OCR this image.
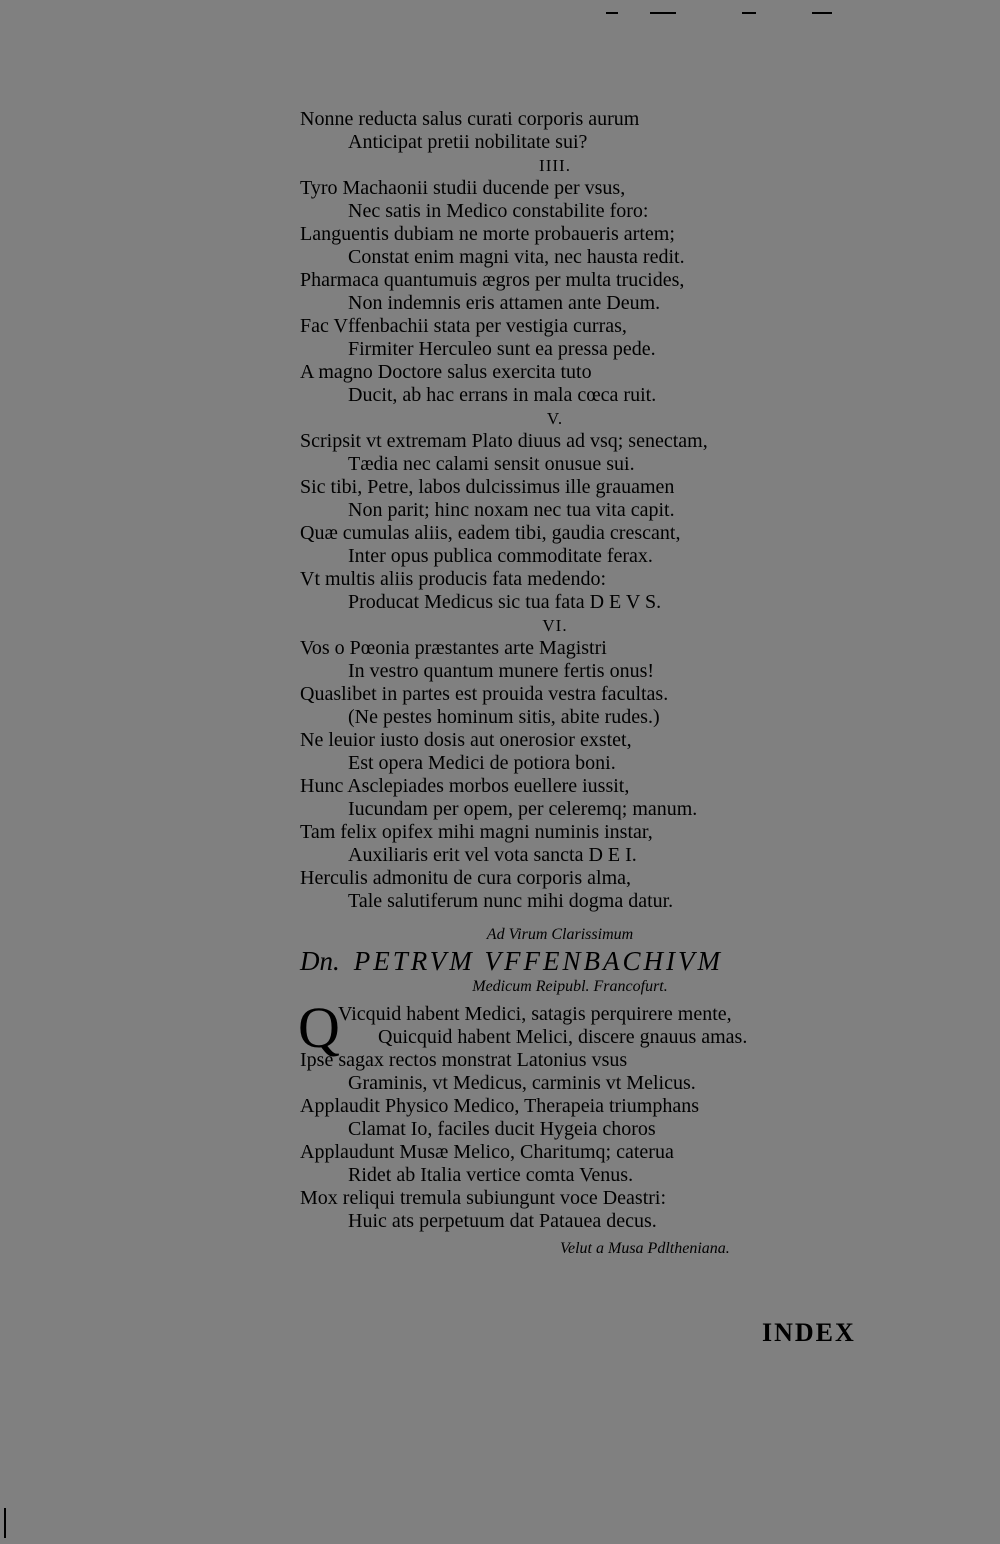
Nonne reducta salus curati corporis aurum
Anticipat pretii nobilitate sui?
IIII.
Tyro Machaonii studii ducende per vsus,
Nec satis in Medico constabilite foro:
Languentis dubiam ne morte probaueris artem;
Constat enim magni vita, nec hausta redit.
Pharmaca quantumuis ægros per multa trucides,
Non indemnis eris attamen ante Deum.
Fac Vffenbachii stata per vestigia curras,
Firmiter Herculeo sunt ea pressa pede.
A magno Doctore salus exercita tuto
Ducit, ab hac errans in mala cœca ruit.
V.
Scripsit vt extremam Plato diuus ad vsq; senectam,
Tædia nec calami sensit onusue sui.
Sic tibi, Petre, labos dulcissimus ille grauamen
Non parit; hinc noxam nec tua vita capit.
Quæ cumulas aliis, eadem tibi, gaudia crescant,
Inter opus publica commoditate ferax.
Vt multis aliis producis fata medendo:
Producat Medicus sic tua fata D E V S.
VI.
Vos o Pœonia præstantes arte Magistri
In vestro quantum munere fertis onus!
Quaslibet in partes est prouida vestra facultas.
(Ne pestes hominum sitis, abite rudes.)
Ne leuior iusto dosis aut onerosior exstet,
Est opera Medici de potiora boni.
Hunc Asclepiades morbos euellere iussit,
Iucundam per opem, per celeremq; manum.
Tam felix opifex mihi magni numinis instar,
Auxiliaris erit vel vota sancta D E I.
Herculis admonitu de cura corporis alma,
Tale salutiferum nunc mihi dogma datur.
Ad Virum Clarissimum
Dn. PETRVM VFFENBACHIVM
Medicum Reipubl. Francofurt.
Q
Vicquid habent Medici, satagis perquirere mente,
Quicquid habent Melici, discere gnauus amas.
Ipse sagax rectos monstrat Latonius vsus
Graminis, vt Medicus, carminis vt Melicus.
Applaudit Physico Medico, Therapeia triumphans
Clamat Io, faciles ducit Hygeia choros
Applaudunt Musæ Melico, Charitumq; caterua
Ridet ab Italia vertice comta Venus.
Mox reliqui tremula subiungunt voce Deastri:
Huic ats perpetuum dat Patauea decus.
Velut a Musa Pdltheniana.
INDEX
